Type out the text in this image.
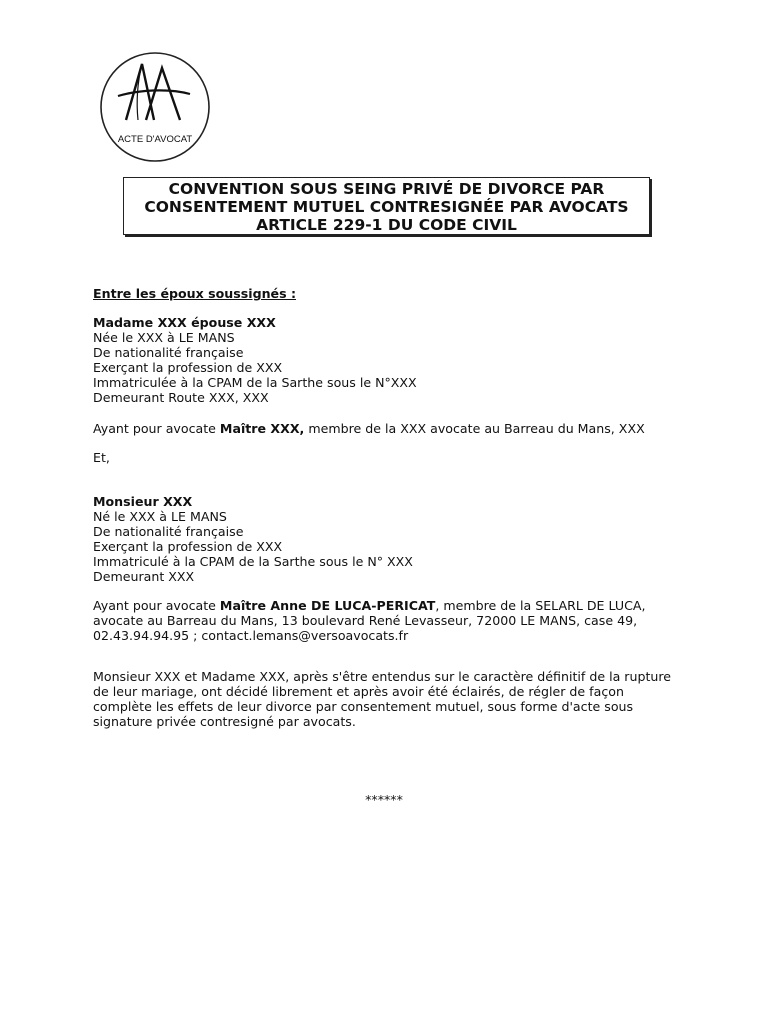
ACTE D'AVOCAT
CONVENTION SOUS SEING PRIVÉ DE DIVORCE PAR
CONSENTEMENT MUTUEL CONTRESIGNÉE PAR AVOCATS
ARTICLE 229-1 DU CODE CIVIL
Entre les époux soussignés :
Madame XXX épouse XXX
Née le XXX à LE MANS
De nationalité française
Exerçant la profession de XXX
Immatriculée à la CPAM de la Sarthe sous le N°XXX
Demeurant Route XXX, XXX
Ayant pour avocate Maître XXX, membre de la XXX avocate au Barreau du Mans, XXX
Et,
Monsieur XXX
Né le XXX à LE MANS
De nationalité française
Exerçant la profession de XXX
Immatriculé à la CPAM de la Sarthe sous le N° XXX
Demeurant XXX
Ayant pour avocate Maître Anne DE LUCA-PERICAT, membre de la SELARL DE LUCA,
avocate au Barreau du Mans, 13 boulevard René Levasseur, 72000 LE MANS, case 49,
02.43.94.94.95 ; contact.lemans@versoavocats.fr
Monsieur XXX et Madame XXX, après s'être entendus sur le caractère définitif de la rupture
de leur mariage, ont décidé librement et après avoir été éclairés, de régler de façon
complète les effets de leur divorce par consentement mutuel, sous forme d'acte sous
signature privée contresigné par avocats.
******
